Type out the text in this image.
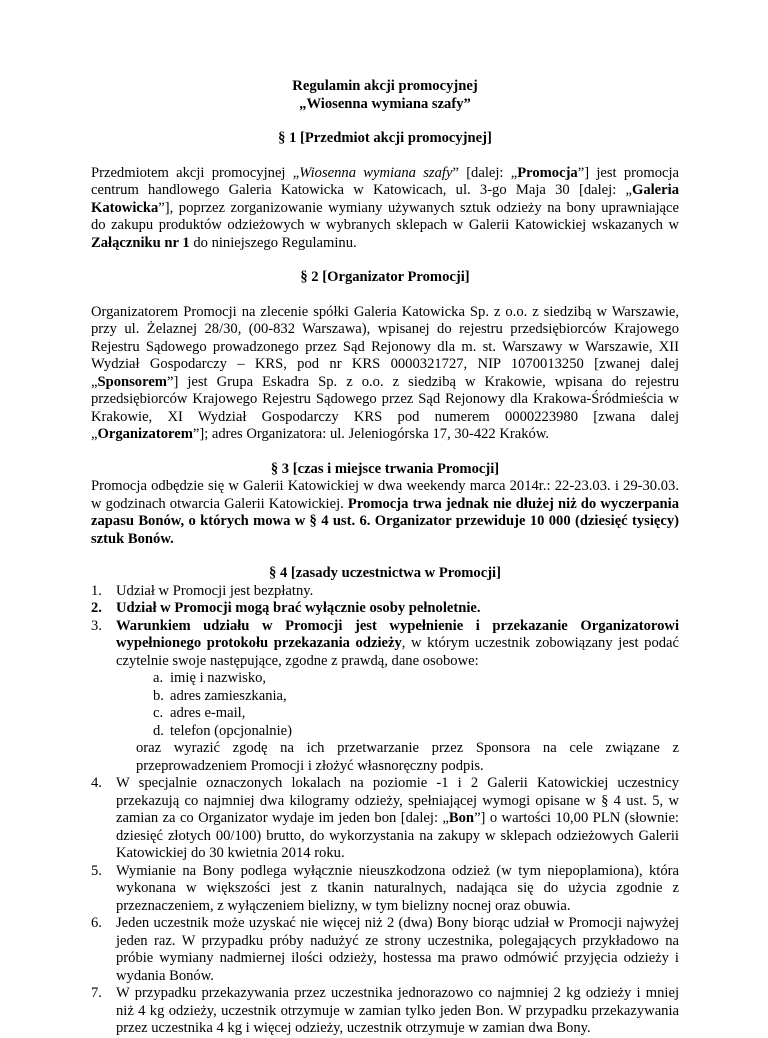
Regulamin akcji promocyjnej

„Wiosenna wymiana szafy”

§ 1 [Przedmiot akcji promocyjnej]

Przedmiotem akcji promocyjnej „Wiosenna wymiana szafy” [dalej: „Promocja”] jest promocja centrum handlowego Galeria Katowicka w Katowicach, ul. 3-go Maja 30 [dalej: „Galeria Katowicka”], poprzez zorganizowanie wymiany używanych sztuk odzieży na bony uprawniające do zakupu produktów odzieżowych w wybranych sklepach w Galerii Katowickiej wskazanych w Załączniku nr 1 do niniejszego Regulaminu.

§ 2 [Organizator Promocji]

Organizatorem Promocji na zlecenie spółki Galeria Katowicka Sp. z o.o. z siedzibą w Warszawie, przy ul. Żelaznej 28/30, (00-832 Warszawa), wpisanej do rejestru przedsiębiorców Krajowego Rejestru Sądowego prowadzonego przez Sąd Rejonowy dla m. st. Warszawy w Warszawie, XII Wydział Gospodarczy – KRS, pod nr KRS 0000321727, NIP 1070013250 [zwanej dalej „Sponsorem”] jest Grupa Eskadra Sp. z o.o. z siedzibą w Krakowie, wpisana do rejestru przedsiębiorców Krajowego Rejestru Sądowego przez Sąd Rejonowy dla Krakowa-Śródmieścia w Krakowie, XI Wydział Gospodarczy KRS pod numerem 0000223980 [zwana dalej „Organizatorem”]; adres Organizatora: ul. Jeleniogórska 17, 30-422 Kraków.

§ 3 [czas i miejsce trwania Promocji]

Promocja odbędzie się w Galerii Katowickiej w dwa weekendy marca 2014r.: 22-23.03. i 29-30.03. w godzinach otwarcia Galerii Katowickiej. Promocja trwa jednak nie dłużej niż do wyczerpania zapasu Bonów, o których mowa w § 4 ust. 6. Organizator przewiduje 10 000 (dziesięć tysięcy) sztuk Bonów.

§ 4 [zasady uczestnictwa w Promocji]

1. Udział w Promocji jest bezpłatny.
2. Udział w Promocji mogą brać wyłącznie osoby pełnoletnie.
3. Warunkiem udziału w Promocji jest wypełnienie i przekazanie Organizatorowi wypełnionego protokołu przekazania odzieży, w którym uczestnik zobowiązany jest podać czytelnie swoje następujące, zgodne z prawdą, dane osobowe:
a. imię i nazwisko,
b. adres zamieszkania,
c. adres e-mail,
d. telefon (opcjonalnie)
oraz wyrazić zgodę na ich przetwarzanie przez Sponsora na cele związane z przeprowadzeniem Promocji i złożyć własnoręczny podpis.
4. W specjalnie oznaczonych lokalach na poziomie -1 i 2 Galerii Katowickiej uczestnicy przekazują co najmniej dwa kilogramy odzieży, spełniającej wymogi opisane w § 4 ust. 5, w zamian za co Organizator wydaje im jeden bon [dalej: „Bon”] o wartości 10,00 PLN (słownie: dziesięć złotych 00/100) brutto, do wykorzystania na zakupy w sklepach odzieżowych Galerii Katowickiej do 30 kwietnia 2014 roku.
5. Wymianie na Bony podlega wyłącznie nieuszkodzona odzież (w tym niepoplamiona), która wykonana w większości jest z tkanin naturalnych, nadająca się do użycia zgodnie z przeznaczeniem, z wyłączeniem bielizny, w tym bielizny nocnej oraz obuwia.
6. Jeden uczestnik może uzyskać nie więcej niż 2 (dwa) Bony biorąc udział w Promocji najwyżej jeden raz. W przypadku próby nadużyć ze strony uczestnika, polegających przykładowo na próbie wymiany nadmiernej ilości odzieży, hostessa ma prawo odmówić przyjęcia odzieży i wydania Bonów.
7. W przypadku przekazywania przez uczestnika jednorazowo co najmniej 2 kg odzieży i mniej niż 4 kg odzieży, uczestnik otrzymuje w zamian tylko jeden Bon. W przypadku przekazywania przez uczestnika 4 kg i więcej odzieży, uczestnik otrzymuje w zamian dwa Bony.
